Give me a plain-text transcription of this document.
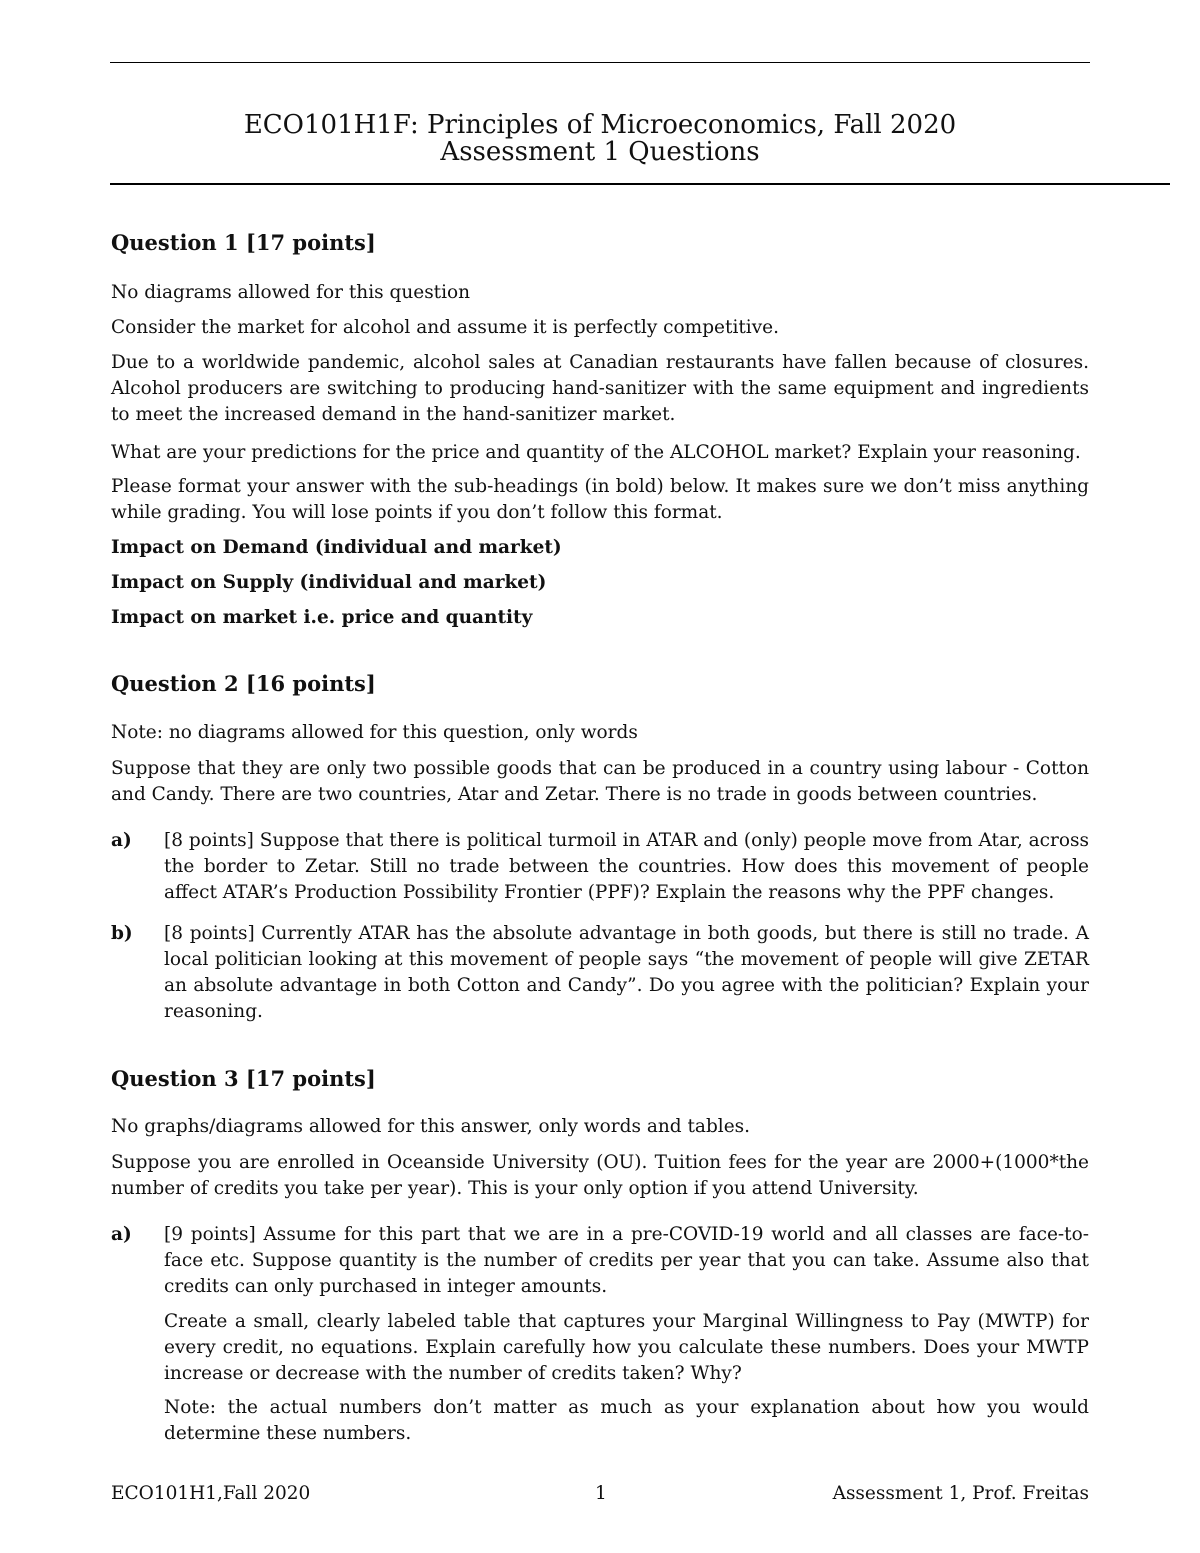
ECO101H1F: Principles of Microeconomics, Fall 2020
Assessment 1 Questions
Question 1 [17 points]
No diagrams allowed for this question
Consider the market for alcohol and assume it is perfectly competitive.
Due to a worldwide pandemic, alcohol sales at Canadian restaurants have fallen because of closures. Alcohol producers are switching to producing hand-sanitizer with the same equipment and ingredients to meet the increased demand in the hand-sanitizer market.
What are your predictions for the price and quantity of the ALCOHOL market? Explain your reasoning.
Please format your answer with the sub-headings (in bold) below. It makes sure we don’t miss anything while grading. You will lose points if you don’t follow this format.
Impact on Demand (individual and market)
Impact on Supply (individual and market)
Impact on market i.e. price and quantity
Question 2 [16 points]
Note: no diagrams allowed for this question, only words
Suppose that they are only two possible goods that can be produced in a country using labour - Cotton and Candy. There are two countries, Atar and Zetar. There is no trade in goods between countries.
a) [8 points] Suppose that there is political turmoil in ATAR and (only) people move from Atar, across the border to Zetar. Still no trade between the countries. How does this movement of people affect ATAR’s Production Possibility Frontier (PPF)? Explain the reasons why the PPF changes.
b) [8 points] Currently ATAR has the absolute advantage in both goods, but there is still no trade. A local politician looking at this movement of people says “the movement of people will give ZETAR an absolute advantage in both Cotton and Candy”. Do you agree with the politician? Explain your reasoning.
Question 3 [17 points]
No graphs/diagrams allowed for this answer, only words and tables.
Suppose you are enrolled in Oceanside University (OU). Tuition fees for the year are 2000+(1000*the number of credits you take per year). This is your only option if you attend University.
a) [9 points] Assume for this part that we are in a pre-COVID-19 world and all classes are face-to-face etc. Suppose quantity is the number of credits per year that you can take. Assume also that credits can only purchased in integer amounts.
Create a small, clearly labeled table that captures your Marginal Willingness to Pay (MWTP) for every credit, no equations. Explain carefully how you calculate these numbers. Does your MWTP increase or decrease with the number of credits taken? Why?
Note: the actual numbers don’t matter as much as your explanation about how you would determine these numbers.
ECO101H1,Fall 2020	1	Assessment 1, Prof. Freitas
